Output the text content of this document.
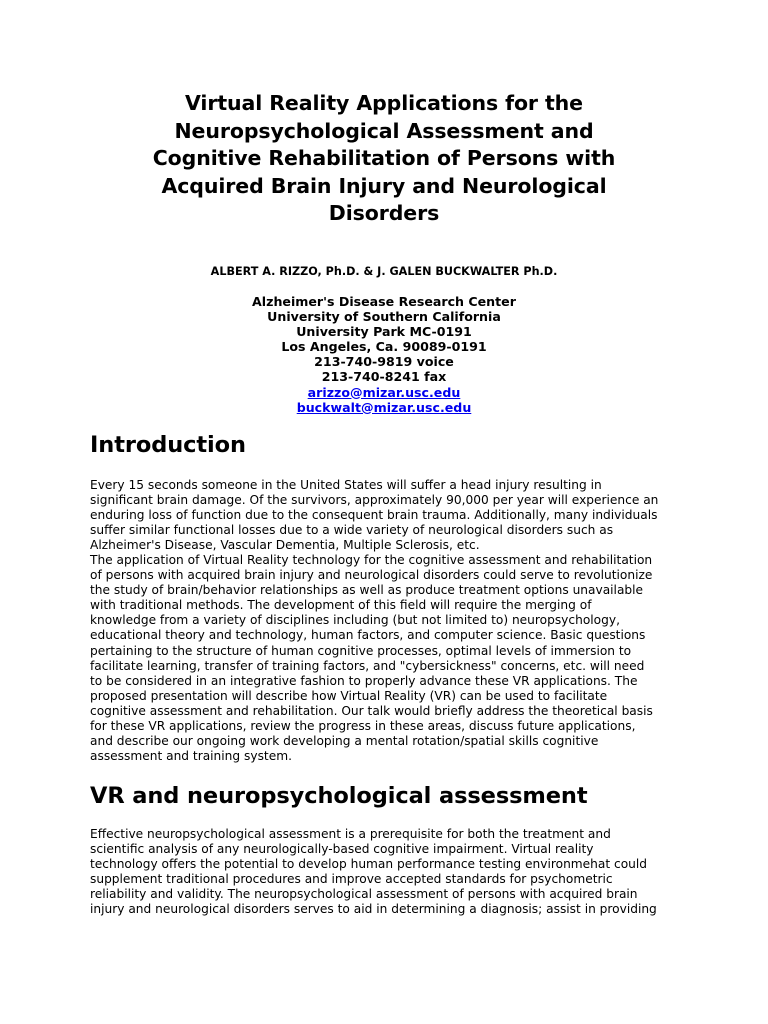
Virtual Reality Applications for the
Neuropsychological Assessment and
Cognitive Rehabilitation of Persons with
Acquired Brain Injury and Neurological
Disorders

ALBERT A. RIZZO, Ph.D. & J. GALEN BUCKWALTER Ph.D.

Alzheimer's Disease Research Center
University of Southern California
University Park MC-0191
Los Angeles, Ca. 90089-0191
213-740-9819 voice
213-740-8241 fax
arizzo@mizar.usc.edu
buckwalt@mizar.usc.edu
Introduction
Every 15 seconds someone in the United States will suffer a head injury resulting in
significant brain damage. Of the survivors, approximately 90,000 per year will experience an
enduring loss of function due to the consequent brain trauma. Additionally, many individuals
suffer similar functional losses due to a wide variety of neurological disorders such as
Alzheimer's Disease, Vascular Dementia, Multiple Sclerosis, etc.
The application of Virtual Reality technology for the cognitive assessment and rehabilitation
of persons with acquired brain injury and neurological disorders could serve to revolutionize
the study of brain/behavior relationships as well as produce treatment options unavailable
with traditional methods. The development of this field will require the merging of
knowledge from a variety of disciplines including (but not limited to) neuropsychology,
educational theory and technology, human factors, and computer science. Basic questions
pertaining to the structure of human cognitive processes, optimal levels of immersion to
facilitate learning, transfer of training factors, and "cybersickness" concerns, etc. will need
to be considered in an integrative fashion to properly advance these VR applications. The
proposed presentation will describe how Virtual Reality (VR) can be used to facilitate
cognitive assessment and rehabilitation. Our talk would briefly address the theoretical basis
for these VR applications, review the progress in these areas, discuss future applications,
and describe our ongoing work developing a mental rotation/spatial skills cognitive
assessment and training system.
VR and neuropsychological assessment
Effective neuropsychological assessment is a prerequisite for both the treatment and
scientific analysis of any neurologically-based cognitive impairment. Virtual reality
technology offers the potential to develop human performance testing environmehat could
supplement traditional procedures and improve accepted standards for psychometric
reliability and validity. The neuropsychological assessment of persons with acquired brain
injury and neurological disorders serves to aid in determining a diagnosis; assist in providing
